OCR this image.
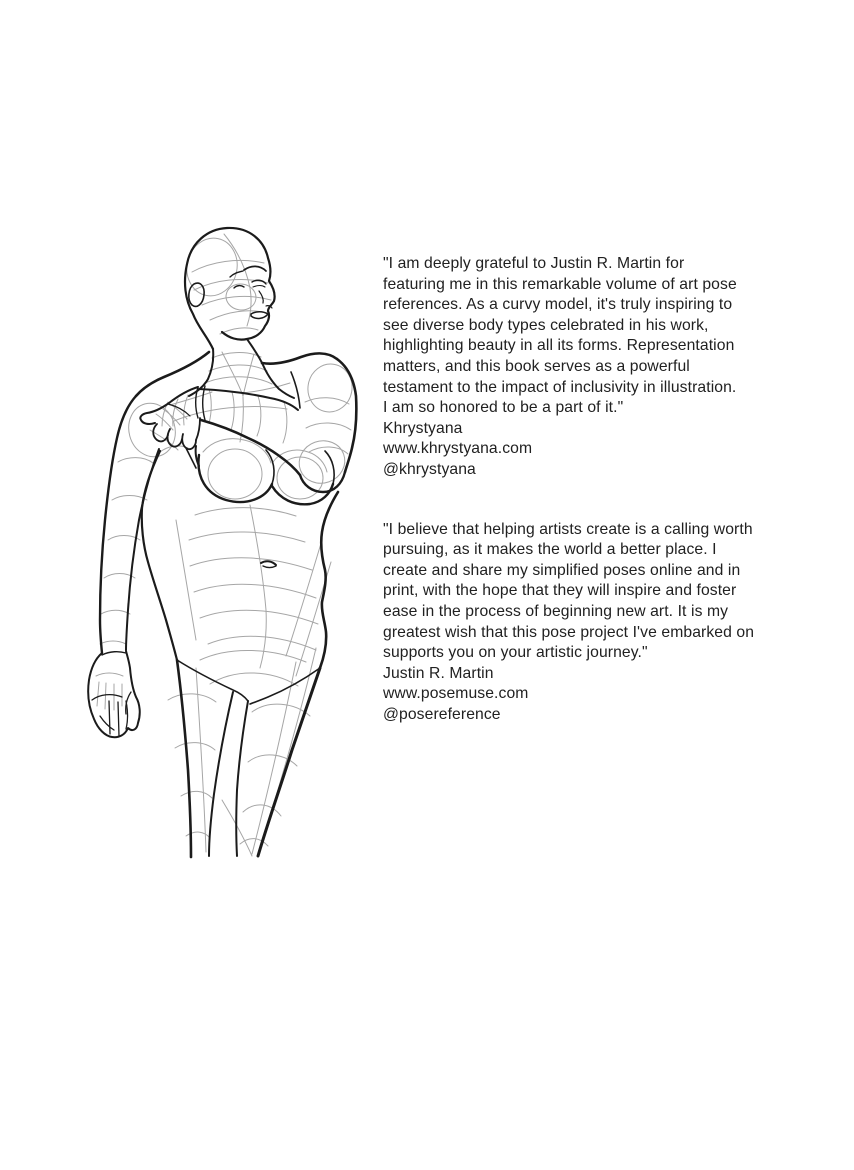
"I am deeply grateful to Justin R. Martin for
featuring me in this remarkable volume of art pose
references. As a curvy model, it's truly inspiring to
see diverse body types celebrated in his work,
highlighting beauty in all its forms. Representation
matters, and this book serves as a powerful
testament to the impact of inclusivity in illustration.
I am so honored to be a part of it."
Khrystyana
www.khrystyana.com
@khrystyana
"I believe that helping artists create is a calling worth
pursuing, as it makes the world a better place. I
create and share my simplified poses online and in
print, with the hope that they will inspire and foster
ease in the process of beginning new art. It is my
greatest wish that this pose project I've embarked on
supports you on your artistic journey."
Justin R. Martin
www.posemuse.com
@posereference
